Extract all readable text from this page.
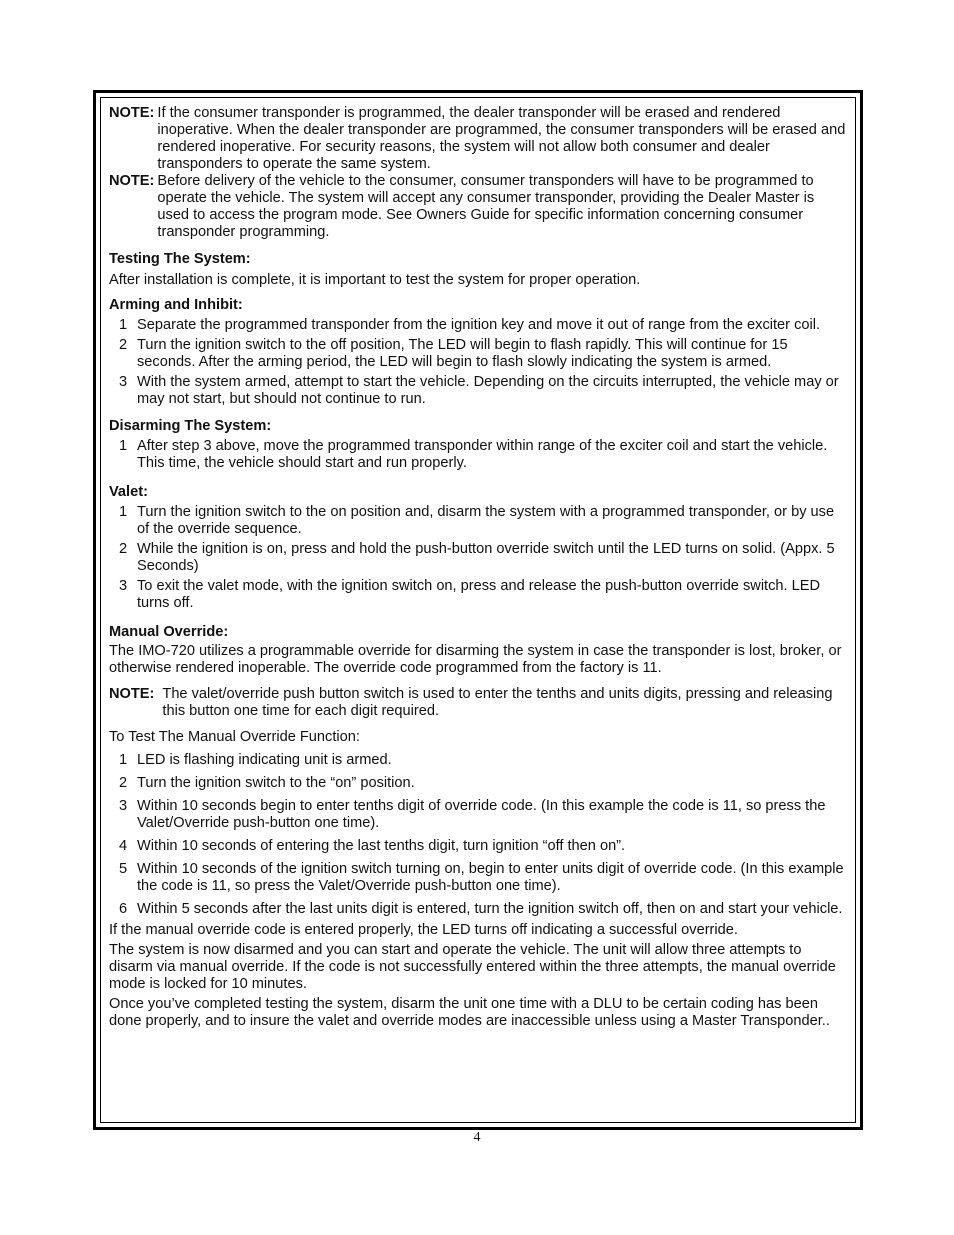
NOTE: If the consumer transponder is programmed, the dealer transponder will be erased and rendered inoperative. When the dealer transponder are programmed, the consumer transponders will be erased and rendered inoperative. For security reasons, the system will not allow both consumer and dealer transponders to operate the same system.
NOTE: Before delivery of the vehicle to the consumer, consumer transponders will have to be programmed to operate the vehicle. The system will accept any consumer transponder, providing the Dealer Master is used to access the program mode. See Owners Guide for specific information concerning consumer transponder programming.
Testing The System:
After installation is complete, it is important to test the system for proper operation.
Arming and Inhibit:
1 Separate the programmed transponder from the ignition key and move it out of range from the exciter coil.
2 Turn the ignition switch to the off position, The LED will begin to flash rapidly. This will continue for 15 seconds. After the arming period, the LED will begin to flash slowly indicating the system is armed.
3 With the system armed, attempt to start the vehicle. Depending on the circuits interrupted, the vehicle may or may not start, but should not continue to run.
Disarming The System:
1 After step 3 above, move the programmed transponder within range of the exciter coil and start the vehicle. This time, the vehicle should start and run properly.
Valet:
1 Turn the ignition switch to the on position and, disarm the system with a programmed transponder, or by use of the override sequence.
2 While the ignition is on, press and hold the push-button override switch until the LED turns on solid. (Appx. 5 Seconds)
3 To exit the valet mode, with the ignition switch on, press and release the push-button override switch. LED turns off.
Manual Override:
The IMO-720 utilizes a programmable override for disarming the system in case the transponder is lost, broker, or otherwise rendered inoperable. The override code programmed from the factory is 11.
NOTE: The valet/override push button switch is used to enter the tenths and units digits, pressing and releasing this button one time for each digit required.
To Test The Manual Override Function:
1 LED is flashing indicating unit is armed.
2 Turn the ignition switch to the “on” position.
3 Within 10 seconds begin to enter tenths digit of override code. (In this example the code is 11, so press the Valet/Override push-button one time).
4 Within 10 seconds of entering the last tenths digit, turn ignition “off then on”.
5 Within 10 seconds of the ignition switch turning on, begin to enter units digit of override code. (In this example the code is 11, so press the Valet/Override push-button one time).
6 Within 5 seconds after the last units digit is entered, turn the ignition switch off, then on and start your vehicle.
If the manual override code is entered properly, the LED turns off indicating a successful override.
The system is now disarmed and you can start and operate the vehicle. The unit will allow three attempts to disarm via manual override. If the code is not successfully entered within the three attempts, the manual override mode is locked for 10 minutes.
Once you’ve completed testing the system, disarm the unit one time with a DLU to be certain coding has been done properly, and to insure the valet and override modes are inaccessible unless using a Master Transponder..
4
